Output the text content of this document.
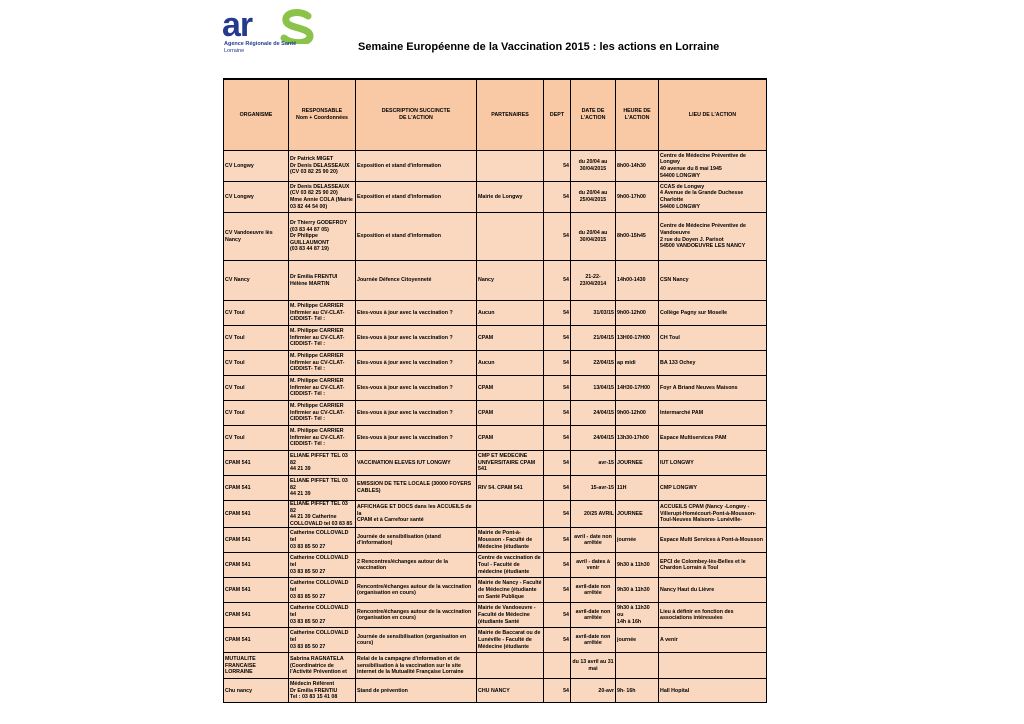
ar
Agence Régionale de Santé
Lorraine	Semaine Européenne de la Vaccination 2015 : les actions en Lorraine
ORGANISME	RESPONSABLE
Nom + Coordonnées	DESCRIPTION SUCCINCTE
DE L'ACTION	PARTENAIRES	DEPT	DATE DE
L'ACTION	HEURE DE
L'ACTION	LIEU DE L'ACTION
CV Longwy	Dr Patrick MIGET
Dr Denis DELASSEAUX
(CV 03 82 25 90 20)	Exposition et stand d'information		54	du 20/04 au
30/04/2015	8h00-14h30	Centre de Médecine Préventive de
Longwy
40 avenue du 8 mai 1945
54400 LONGWY
CV Longwy	Dr Denis DELASSEAUX
(CV 03 82 25 90 20)
Mme Annie COLA (Mairie
03 82 44 54 00)	Exposition et stand d'information	Mairie de Longwy	54	du 20/04 au
25/04/2015	9h00-17h00	CCAS de Longwy
4 Avenue de la Grande Duchesse
Charlotte
54400 LONGWY
CV Vandoeuvre lès
Nancy	Dr Thierry GODEFROY
(03 83 44 87 05)
Dr Philippe
GUILLAUMONT
(03 83 44 87 19)	Exposition et stand d'information		54	du 20/04 au
30/04/2015	8h00-15h45	Centre de Médecine Préventive de
Vandoeuvre
2 rue du Doyen J. Parisot
54500 VANDOEUVRE LES NANCY
CV Nancy	Dr Emilia FRENTUI
Hélène MARTIN	Journée Défence Citoyenneté	Nancy	54	21-22-
23/04/2014	14h00-1430	CSN Nancy
CV Toul	M. Philippe CARRIER
Infirmier au CV-CLAT-
CIDDIST- Tél :	Etes-vous à jour avec la vaccination ?	Aucun	54	31/03/15	9h00-12h00	Collège Pagny sur Moselle
CV Toul	M. Philippe CARRIER
Infirmier au CV-CLAT-
CIDDIST- Tél :	Etes-vous à jour avec la vaccination ?	CPAM	54	21/04/15	13H00-17H00	CH Toul
CV Toul	M. Philippe CARRIER
Infirmier au CV-CLAT-
CIDDIST- Tél :	Etes-vous à jour avec la vaccination ?	Aucun	54	22/04/15	ap midi	BA 133 Ochey
CV Toul	M. Philippe CARRIER
Infirmier au CV-CLAT-
CIDDIST- Tél :	Etes-vous à jour avec la vaccination ?	CPAM	54	13/04/15	14H30-17H00	Foyr A Briand Neuves Maisons
CV Toul	M. Philippe CARRIER
Infirmier au CV-CLAT-
CIDDIST- Tél :	Etes-vous à jour avec la vaccination ?	CPAM	54	24/04/15	9h00-12h00	Intermarché PAM
CV Toul	M. Philippe CARRIER
Infirmier au CV-CLAT-
CIDDIST- Tél :	Etes-vous à jour avec la vaccination ?	CPAM	54	24/04/15	13h30-17h00	Espace Multiservices PAM
CPAM 541	ELIANE PIFFET TEL 03 82
44 21 39	VACCINATION ELEVES IUT LONGWY	CMP ET MEDECINE
UNIVERSITAIRE CPAM
541	54	avr-15	JOURNEE	IUT LONGWY
CPAM 541	ELIANE PIFFET TEL 03 82
44 21 39	EMISSION DE TETE LOCALE (30000 FOYERS
CABLES)	RIV 54. CPAM 541	54	15-avr-15	11H	CMP LONGWY
CPAM 541	ELIANE PIFFET TEL 03 82
44 21 39 Catherine
COLLOVALD tel 03 83 85	AFFICHAGE ET DOCS dans les ACCUEILS de la
CPAM et à Carrefour santé		54	20/25 AVRIL	JOURNEE	ACCUEILS CPAM (Nancy -Longwy -
Villerupt-Homécourt-Pont-à-Mousson-
Toul-Neuves Maisons- Lunéville-
CPAM 541	Catherine COLLOVALD tel
03 83 85 50 27	Journée de sensibilisation (stand
d'information)	Mairie de Pont-à-
Mousson - Faculté de
Médecine (étudiante	54	avril - date non
arrêtée	journée	Espace Multi Services à Pont-à-Mousson
CPAM 541	Catherine COLLOVALD tel
03 83 85 50 27	2 Rencontres/échanges autour de la
vaccination	Centre de vaccination de
Toul - Faculté de
médecine (étudiante	54	avril - dates à
venir	9h30 à 11h30	EPCI de Colombey-lès-Belles et le
Chardon Lorrain à Toul
CPAM 541	Catherine COLLOVALD tel
03 83 85 50 27	Rencontre/échanges autour de la vaccination
(organisation en cours)	Mairie de Nancy - Faculté
de Médecine (étudiante
en Santé Publique	54	avril-date non
arrêtée	9h30 à 11h30	Nancy Haut du Lièvre
CPAM 541	Catherine COLLOVALD tel
03 83 85 50 27	Rencontre/échanges autour de la vaccination
(organisation en cours)	Mairie de Vandoeuvre -
Faculté de Médecine
(étudiante Santé	54	avril-date non
arrêtée	9h30 à 11h30 ou
14h à 16h	Lieu à définir en fonction des
associations intéressées
CPAM 541	Catherine COLLOVALD tel
03 83 85 50 27	Journée de sensibilisation (organisation en
cours)	Mairie de Baccarat ou de
Lunéville - Faculté de
Médecine (étudiante	54	avril-date non
arrêtée	journée	A venir
MUTUALITE FRANCAISE
LORRAINE	Sabrina RAGNATELA
(Coordinatrice de
l'Activité Prévention et	Relai de la campagne d'information et de
sensibilisation à la vaccination sur le site
internet de la Mutualité Française Lorraine			du 13 avril au 31
mai		
Chu nancy	Médecin Référent
Dr Emilia FRENTIU
Tel : 03 83 15 41 08	Stand de prévention	CHU NANCY	54	20-avr	9h- 16h	Hall Hopital
